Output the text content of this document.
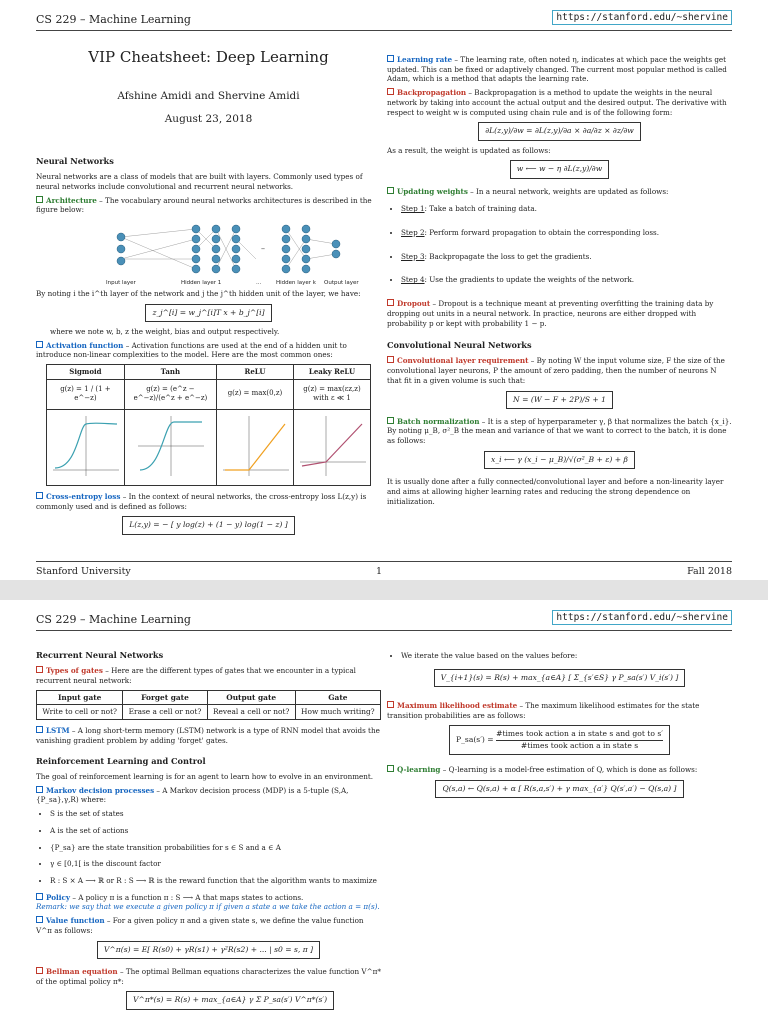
CS 229 – Machine Learning	https://stanford.edu/~shervine
VIP Cheatsheet: Deep Learning
Afshine Amidi and Shervine Amidi
August 23, 2018
Neural Networks

Neural networks are a class of models that are built with layers. Commonly used types of neural networks include convolutional and recurrent neural networks.

Architecture – The vocabulary around neural networks architectures is described in the figure below:

–
Input layer	Hidden layer 1	...	Hidden layer k Output layer

By noting i the i^th layer of the network and j the j^th hidden unit of the layer, we have:

z_j^[i] = w_j^[i]T x + b_j^[i]

where we note w, b, z the weight, bias and output respectively.

Activation function – Activation functions are used at the end of a hidden unit to introduce non-linear complexities to the model. Here are the most common ones:

Sigmoid	Tanh	ReLU	Leaky ReLU
g(z) = 1 / (1 + e^−z)	g(z) = (e^z − e^−z)/(e^z + e^−z)	g(z) = max(0,z)	g(z) = max(εz,z)
with ε ≪ 1

Cross-entropy loss – In the context of neural networks, the cross-entropy loss L(z,y) is commonly used and is defined as follows:

L(z,y) = − [ y log(z) + (1 − y) log(1 − z) ]

Learning rate – The learning rate, often noted η, indicates at which pace the weights get updated. This can be fixed or adaptively changed. The current most popular method is called Adam, which is a method that adapts the learning rate.

Backpropagation – Backpropagation is a method to update the weights in the neural network by taking into account the actual output and the desired output. The derivative with respect to weight w is computed using chain rule and is of the following form:

∂L(z,y)/∂w = ∂L(z,y)/∂a × ∂a/∂z × ∂z/∂w

As a result, the weight is updated as follows:

w ⟵ w − η ∂L(z,y)/∂w

Updating weights – In a neural network, weights are updated as follows:

• Step 1: Take a batch of training data.
• Step 2: Perform forward propagation to obtain the corresponding loss.
• Step 3: Backpropagate the loss to get the gradients.
• Step 4: Use the gradients to update the weights of the network.

Dropout – Dropout is a technique meant at preventing overfitting the training data by dropping out units in a neural network. In practice, neurons are either dropped with probability p or kept with probability 1 − p.

Convolutional Neural Networks

Convolutional layer requirement – By noting W the input volume size, F the size of the convolutional layer neurons, P the amount of zero padding, then the number of neurons N that fit in a given volume is such that:

N = (W − F + 2P)/S + 1

Batch normalization – It is a step of hyperparameter γ, β that normalizes the batch {x_i}. By noting μ_B, σ²_B the mean and variance of that we want to correct to the batch, it is done as follows:

x_i ⟵ γ (x_i − μ_B)/√(σ²_B + ε) + β

It is usually done after a fully connected/convolutional layer and before a non-linearity layer and aims at allowing higher learning rates and reducing the strong dependence on initialization.

Stanford University	1	Fall 2018
CS 229 – Machine Learning	https://stanford.edu/~shervine
Recurrent Neural Networks

Types of gates – Here are the different types of gates that we encounter in a typical recurrent neural network:

Input gate	Forget gate	Output gate	Gate
Write to cell or not?	Erase a cell or not?	Reveal a cell or not?	How much writing?

LSTM – A long short-term memory (LSTM) network is a type of RNN model that avoids the vanishing gradient problem by adding 'forget' gates.

Reinforcement Learning and Control

The goal of reinforcement learning is for an agent to learn how to evolve in an environment.

Markov decision processes – A Markov decision process (MDP) is a 5-tuple (S,A,{P_sa},γ,R) where:

• S is the set of states
• A is the set of actions
• {P_sa} are the state transition probabilities for s ∈ S and a ∈ A
• γ ∈ [0,1[ is the discount factor
• R : S × A ⟶ ℝ or R : S ⟶ ℝ is the reward function that the algorithm wants to maximize

Policy – A policy π is a function π : S ⟶ A that maps states to actions.
Remark: we say that we execute a given policy π if given a state a we take the action a = π(s).

Value function – For a given policy π and a given state s, we define the value function V^π as follows:

V^π(s) = E[ R(s0) + γR(s1) + γ²R(s2) + ... | s0 = s, π ]

Bellman equation – The optimal Bellman equations characterizes the value function V^π* of the optimal policy π*:

V^π*(s) = R(s) + max_{a∈A} γ Σ P_sa(s′) V^π*(s′)
• We iterate the value based on the values before:
V_{i+1}(s) = R(s) + max_{a∈A} [ Σ_{s′∈S} γ P_sa(s′) V_i(s′) ]

Maximum likelihood estimate – The maximum likelihood estimates for the state transition probabilities are as follows:

P_sa(s′) =
#times took action a in state s and got to s′
#times took action a in state s

Q-learning – Q-learning is a model-free estimation of Q, which is done as follows:

Q(s,a) ← Q(s,a) + α [ R(s,a,s′) + γ max_{a′} Q(s′,a′) − Q(s,a) ]
